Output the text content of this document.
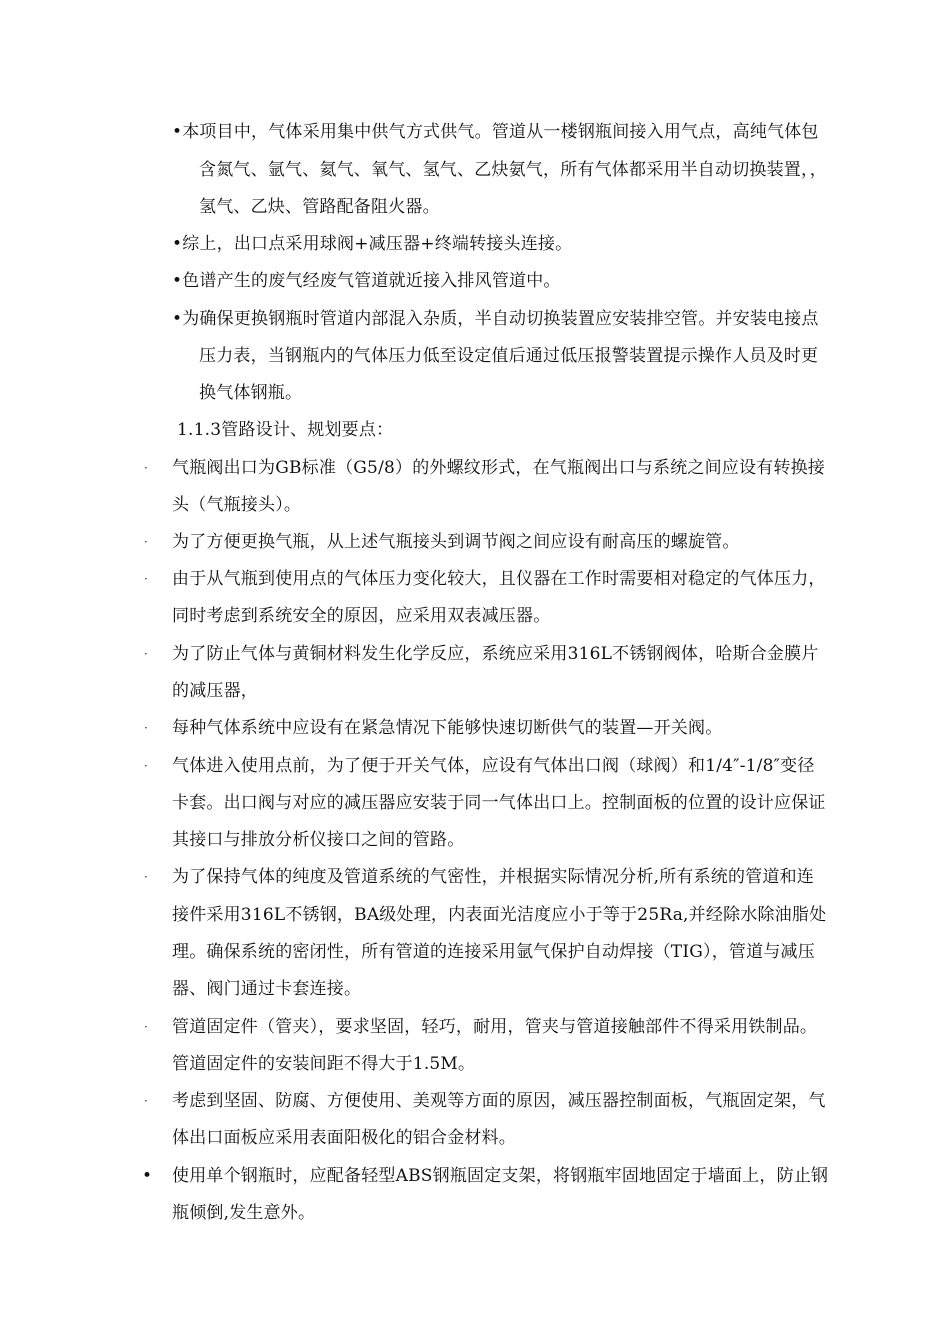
•本项目中，气体采用集中供气方式供气。管道从一楼钢瓶间接入用气点，高纯气体包
含氮气、氩气、氦气、氧气、氢气、乙炔氨气，所有气体都采用半自动切换装置，，
氢气、乙炔、管路配备阻火器。
•综上，出口点采用球阀+减压器+终端转接头连接。
•色谱产生的废气经废气管道就近接入排风管道中。
•为确保更换钢瓶时管道内部混入杂质，半自动切换装置应安装排空管。并安装电接点
压力表，当钢瓶内的气体压力低至设定值后通过低压报警装置提示操作人员及时更
换气体钢瓶。
1.1.3管路设计、规划要点：
· 气瓶阀出口为GB标准（G5/8）的外螺纹形式，在气瓶阀出口与系统之间应设有转换接
头（气瓶接头）。
· 为了方便更换气瓶，从上述气瓶接头到调节阀之间应设有耐高压的螺旋管。
· 由于从气瓶到使用点的气体压力变化较大，且仪器在工作时需要相对稳定的气体压力，
同时考虑到系统安全的原因，应采用双表减压器。
· 为了防止气体与黄铜材料发生化学反应，系统应采用316L不锈钢阀体，哈斯合金膜片
的减压器，
· 每种气体系统中应设有在紧急情况下能够快速切断供气的装置—开关阀。
· 气体进入使用点前，为了便于开关气体，应设有气体出口阀（球阀）和1/4″-1/8″变径
卡套。出口阀与对应的减压器应安装于同一气体出口上。控制面板的位置的设计应保证
其接口与排放分析仪接口之间的管路。
· 为了保持气体的纯度及管道系统的气密性，并根据实际情况分析,所有系统的管道和连
接件采用316L不锈钢，BA级处理，内表面光洁度应小于等于25Ra,并经除水除油脂处
理。确保系统的密闭性，所有管道的连接采用氩气保护自动焊接（TIG），管道与减压
器、阀门通过卡套连接。
· 管道固定件（管夹），要求坚固，轻巧，耐用，管夹与管道接触部件不得采用铁制品。
管道固定件的安装间距不得大于1.5M。
· 考虑到坚固、防腐、方便使用、美观等方面的原因，减压器控制面板，气瓶固定架，气
体出口面板应采用表面阳极化的铝合金材料。
• 使用单个钢瓶时，应配备轻型ABS钢瓶固定支架，将钢瓶牢固地固定于墙面上，防止钢
瓶倾倒,发生意外。
